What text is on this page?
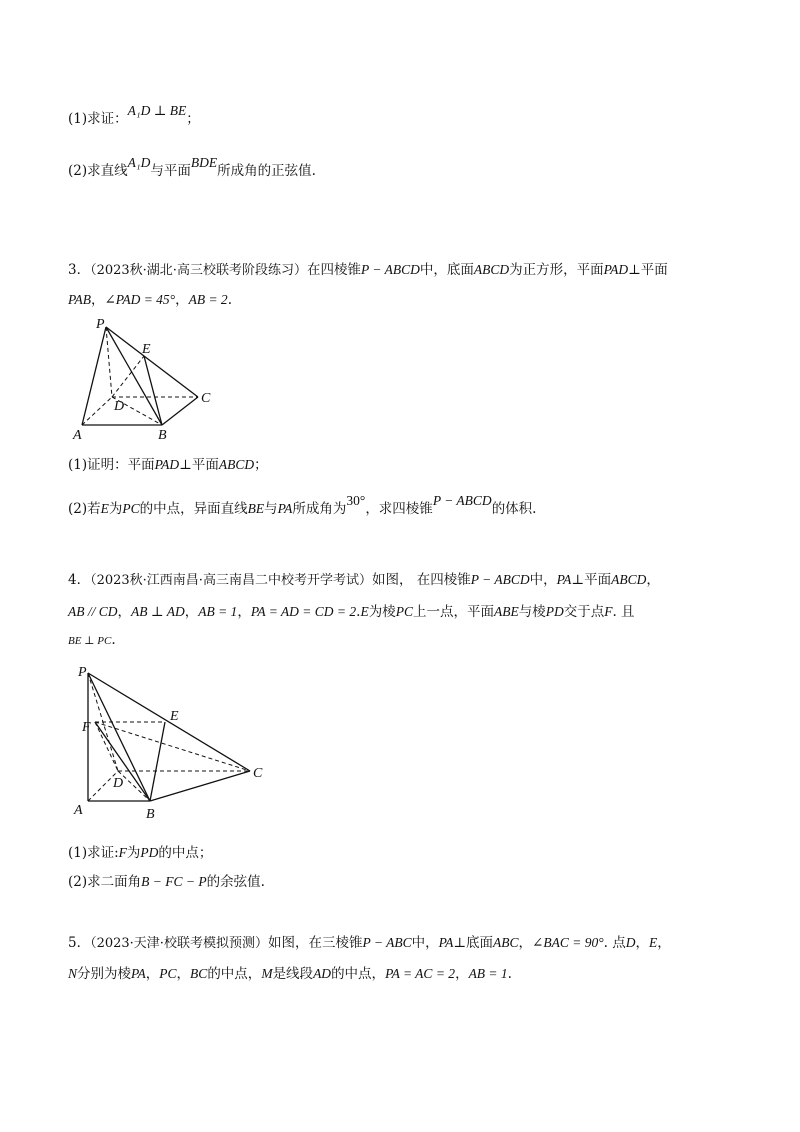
(1)求证：A₁D ⊥ BE；
(2)求直线A₁D与平面BDE所成角的正弦值.
3．（2023秋·湖北·高三校联考阶段练习）在四棱锥P − ABCD中，底面ABCD为正方形，平面PAD⊥平面
PAB，∠PAD = 45°，AB = 2.
P
E
D
C
A	B
P
F
E
D
C
A	B
(1)证明：平面PAD⊥平面ABCD；
(2)若E为PC的中点，异面直线BE与PA所成角为30°，求四棱锥P − ABCD的体积.
4．（2023秋·江西南昌·高三南昌二中校考开学考试）如图， 在四棱锥P − ABCD中，PA⊥平面ABCD，
AB // CD，AB ⊥ AD，AB = 1，PA = AD = CD = 2.E为棱PC上一点，平面ABE与棱PD交于点F. 且
BE ⊥ PC.
(1)求证:F为PD的中点；
(2)求二面角B − FC − P的余弦值.
5．（2023·天津·校联考模拟预测）如图，在三棱锥P − ABC中，PA⊥底面ABC，∠BAC = 90°. 点D，E，
N分别为棱PA，PC，BC的中点，M是线段AD的中点，PA = AC = 2，AB = 1.
